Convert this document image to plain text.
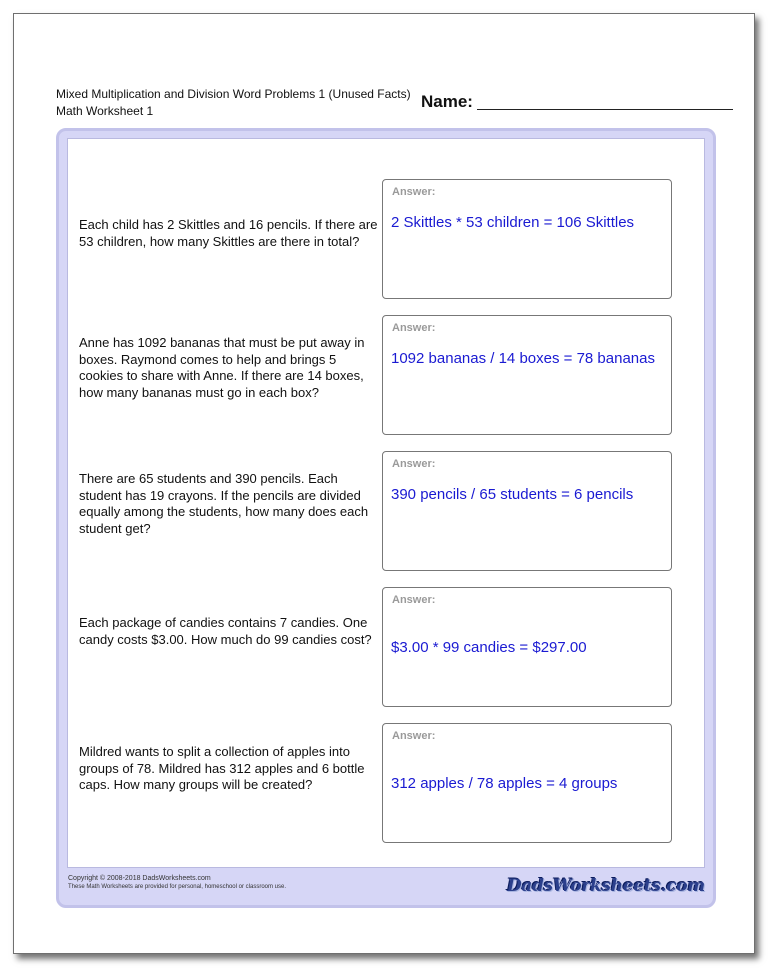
Mixed Multiplication and Division Word Problems 1 (Unused Facts)
Math Worksheet 1	Name:
Each child has 2 Skittles and 16 pencils. If there are 53 children, how many Skittles are there in total?
Answer:
2 Skittles * 53 children = 106 Skittles
Anne has 1092 bananas that must be put away in boxes. Raymond comes to help and brings 5 cookies to share with Anne. If there are 14 boxes, how many bananas must go in each box?
Answer:
1092 bananas / 14 boxes = 78 bananas
There are 65 students and 390 pencils. Each student has 19 crayons. If the pencils are divided equally among the students, how many does each student get?
Answer:
390 pencils / 65 students = 6 pencils
Each package of candies contains 7 candies. One candy costs $3.00. How much do 99 candies cost?
Answer:
$3.00 * 99 candies = $297.00
Mildred wants to split a collection of apples into groups of 78. Mildred has 312 apples and 6 bottle caps. How many groups will be created?
Answer:
312 apples / 78 apples = 4 groups
Copyright © 2008-2018 DadsWorksheets.com
These Math Worksheets are provided for personal, homeschool or classroom use.	DadsWorksheets.com
